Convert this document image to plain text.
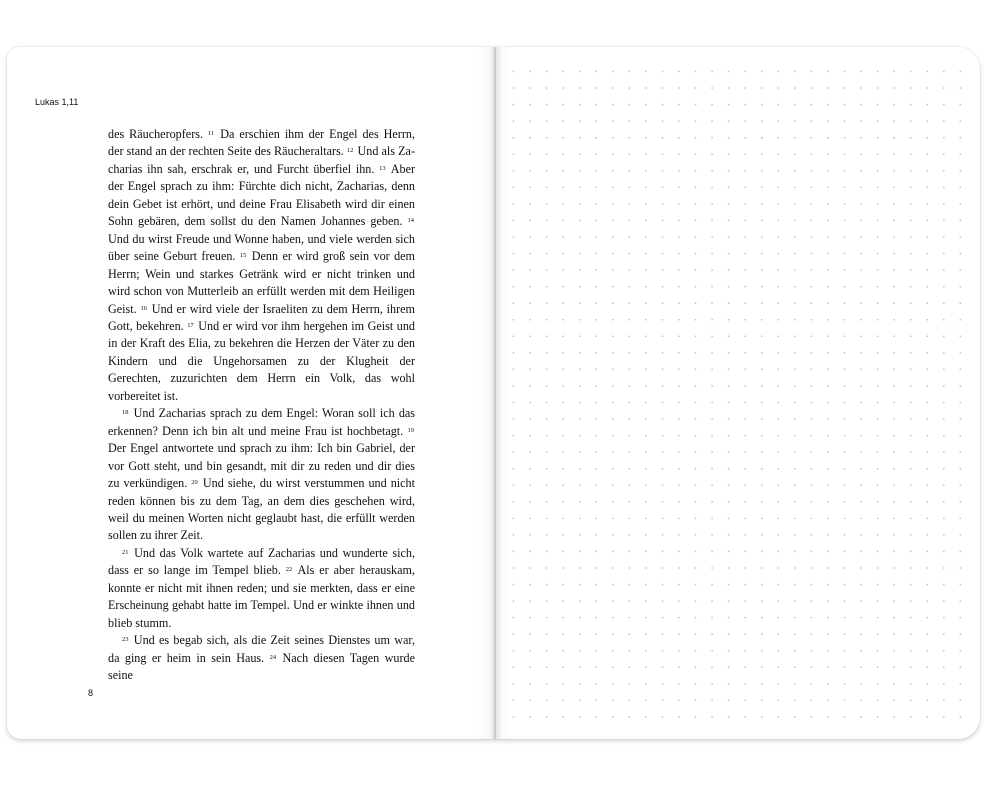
Lukas 1,11

des Räucheropfers. $^{11}$ Da erschien ihm der Engel des Herrn, der stand an der rechten Seite des Räucheraltars. $^{12}$ Und als Zacharias ihn sah, erschrak er, und Furcht überfiel ihn. $^{13}$ Aber der Engel sprach zu ihm: Fürchte dich nicht, Zacharias, denn dein Gebet ist erhört, und deine Frau Elisabeth wird dir einen Sohn gebären, dem sollst du den Namen Johannes geben. $^{14}$ Und du wirst Freude und Wonne haben, und viele werden sich über seine Geburt freuen. $^{15}$ Denn er wird groß sein vor dem Herrn; Wein und starkes Getränk wird er nicht trinken und wird schon von Mutterleib an erfüllt werden mit dem Heiligen Geist. $^{16}$ Und er wird viele der Israeliten zu dem Herrn, ihrem Gott, bekehren. $^{17}$ Und er wird vor ihm hergehen im Geist und in der Kraft des Elia, zu bekehren die Herzen der Väter zu den Kindern und die Ungehorsamen zu der Klugheit der Gerechten, zuzurichten dem Herrn ein Volk, das wohl vorbereitet ist.

$^{18}$ Und Zacharias sprach zu dem Engel: Woran soll ich das erkennen? Denn ich bin alt und meine Frau ist hochbetagt. $^{19}$ Der Engel antwortete und sprach zu ihm: Ich bin Gabriel, der vor Gott steht, und bin gesandt, mit dir zu reden und dir dies zu verkündigen. $^{20}$ Und siehe, du wirst verstummen und nicht reden können bis zu dem Tag, an dem dies geschehen wird, weil du meinen Worten nicht geglaubt hast, die erfüllt werden sollen zu ihrer Zeit.

$^{21}$ Und das Volk wartete auf Zacharias und wunderte sich, dass er so lange im Tempel blieb. $^{22}$ Als er aber herauskam, konnte er nicht mit ihnen reden; und sie merkten, dass er eine Erscheinung gehabt hatte im Tempel. Und er winkte ihnen und blieb stumm.

$^{23}$ Und es begab sich, als die Zeit seines Dienstes um war, da ging er heim in sein Haus. $^{24}$ Nach diesen Tagen wurde seine

8
